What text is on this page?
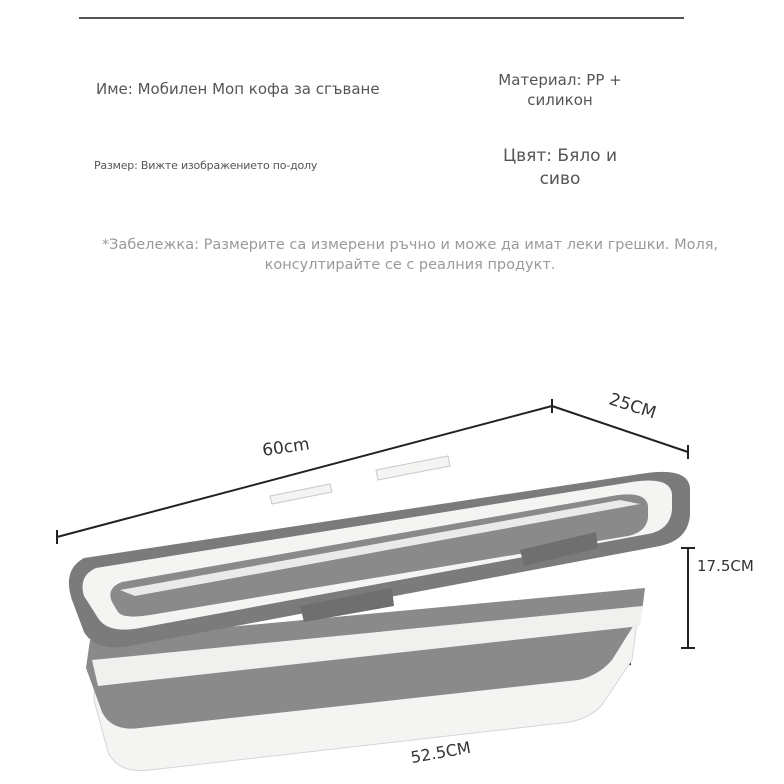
Име: Мобилен Моп кофа за сгъване	Материал: PP + силикон
Размер: Вижте изображението по-долу	Цвят: Бяло и сиво
*Забележка: Размерите са измерени ръчно и може да имат леки грешки. Моля, консултирайте се с реалния продукт.
60cm
25CM
17.5CM
52.5CM
